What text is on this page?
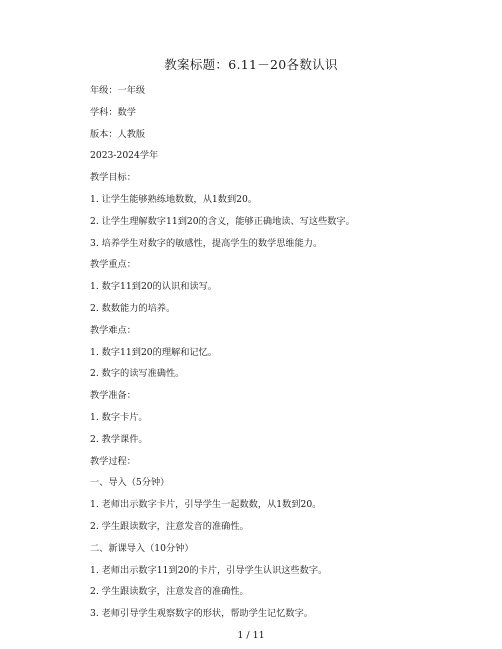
教案标题：6.11－20各数认识
年级：一年级
学科：数学
版本：人教版
2023-2024学年
教学目标：
1. 让学生能够熟练地数数，从1数到20。
2. 让学生理解数字11到20的含义，能够正确地读、写这些数字。
3. 培养学生对数字的敏感性，提高学生的数学思维能力。
教学重点：
1. 数字11到20的认识和读写。
2. 数数能力的培养。
教学难点：
1. 数字11到20的理解和记忆。
2. 数字的读写准确性。
教学准备：
1. 数字卡片。
2. 教学课件。
教学过程：
一、导入（5分钟）
1. 老师出示数字卡片，引导学生一起数数，从1数到20。
2. 学生跟读数字，注意发音的准确性。
二、新课导入（10分钟）
1. 老师出示数字11到20的卡片，引导学生认识这些数字。
2. 学生跟读数字，注意发音的准确性。
3. 老师引导学生观察数字的形状，帮助学生记忆数字。
1 / 11
